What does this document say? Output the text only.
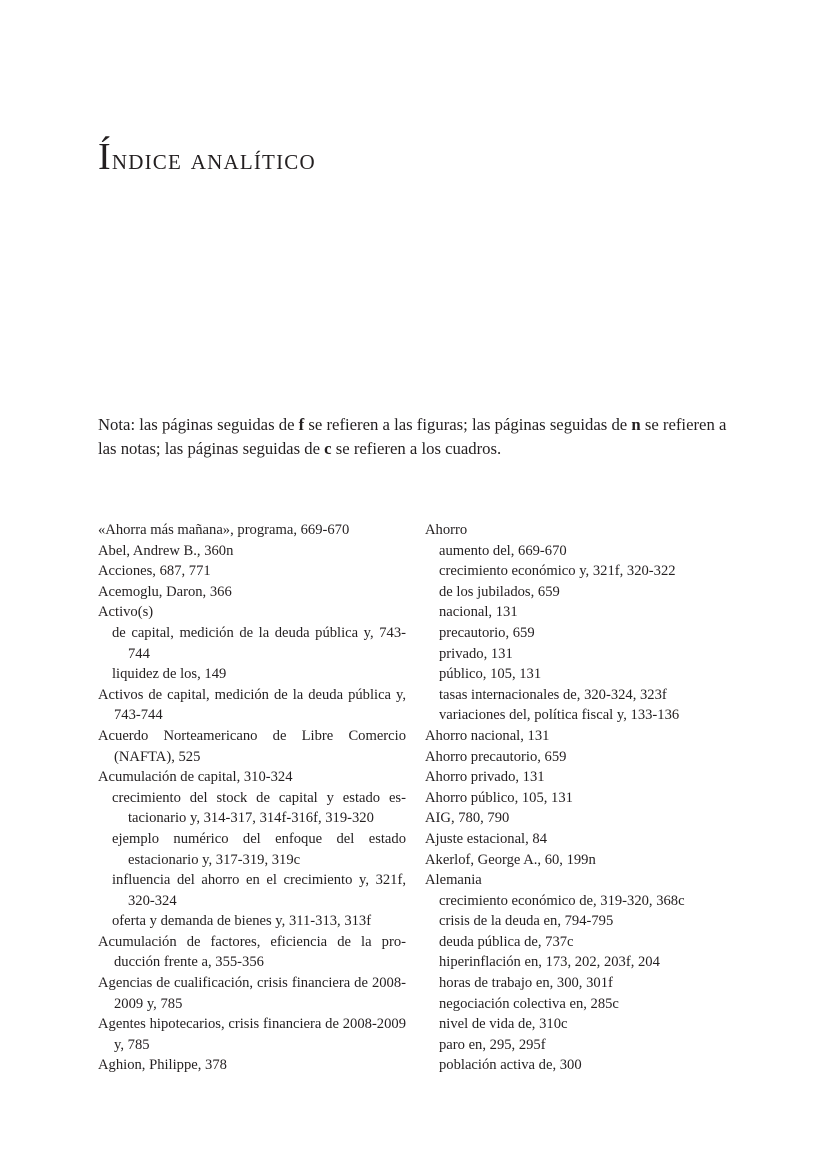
Índice analítico

Nota: las páginas seguidas de f se refieren a las figuras; las páginas seguidas de n se refieren a las notas; las páginas seguidas de c se refieren a los cuadros.

«Ahorra más mañana», programa, 669-670
Abel, Andrew B., 360n
Acciones, 687, 771
Acemoglu, Daron, 366
Activo(s)
de capital, medición de la deuda pública y, 743-744
liquidez de los, 149
Activos de capital, medición de la deuda pública y, 743-744
Acuerdo Norteamericano de Libre Comercio (NAFTA), 525
Acumulación de capital, 310-324
crecimiento del stock de capital y estado estacionario y, 314-317, 314f-316f, 319-320
ejemplo numérico del enfoque del estado estacionario y, 317-319, 319c
influencia del ahorro en el crecimiento y, 321f, 320-324
oferta y demanda de bienes y, 311-313, 313f
Acumulación de factores, eficiencia de la producción frente a, 355-356
Agencias de cualificación, crisis financiera de 2008-2009 y, 785
Agentes hipotecarios, crisis financiera de 2008-2009 y, 785
Aghion, Philippe, 378
Ahorro
aumento del, 669-670
crecimiento económico y, 321f, 320-322
de los jubilados, 659
nacional, 131
precautorio, 659
privado, 131
público, 105, 131
tasas internacionales de, 320-324, 323f
variaciones del, política fiscal y, 133-136
Ahorro nacional, 131
Ahorro precautorio, 659
Ahorro privado, 131
Ahorro público, 105, 131
AIG, 780, 790
Ajuste estacional, 84
Akerlof, George A., 60, 199n
Alemania
crecimiento económico de, 319-320, 368c
crisis de la deuda en, 794-795
deuda pública de, 737c
hiperinflación en, 173, 202, 203f, 204
horas de trabajo en, 300, 301f
negociación colectiva en, 285c
nivel de vida de, 310c
paro en, 295, 295f
población activa de, 300
